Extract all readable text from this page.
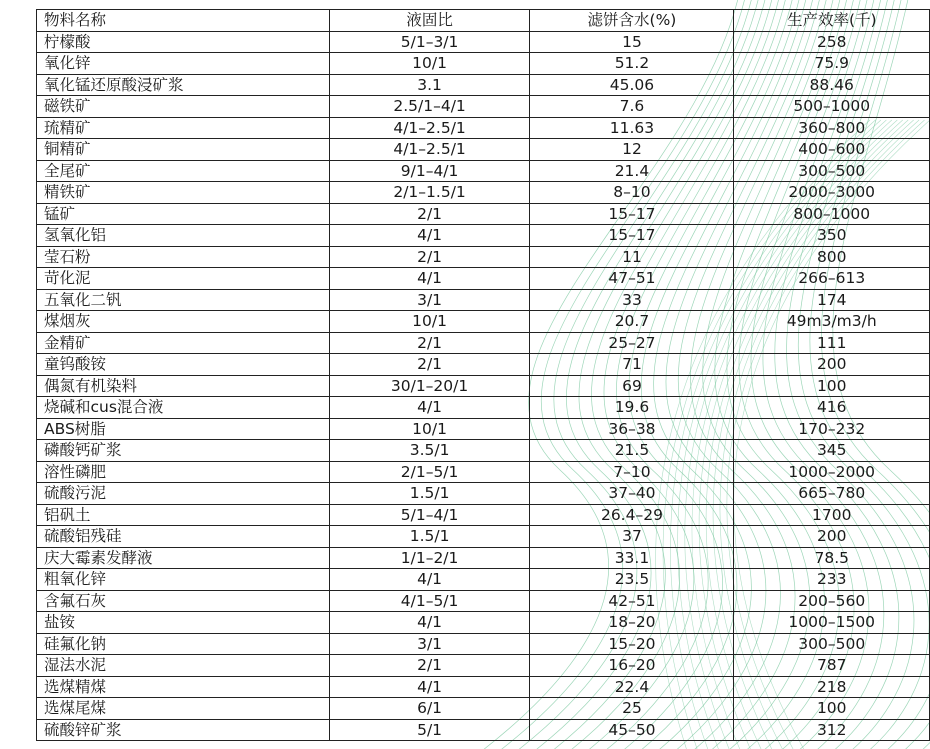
物料名称	液固比	滤饼含水(%)	生产效率(千)
柠檬酸	5/1–3/1	15	258
氧化锌	10/1	51.2	75.9
氧化锰还原酸浸矿浆	3.1	45.06	88.46
磁铁矿	2.5/1–4/1	7.6	500–1000
琉精矿	4/1–2.5/1	11.63	360–800
铜精矿	4/1–2.5/1	12	400–600
全尾矿	9/1–4/1	21.4	300–500
精铁矿	2/1–1.5/1	8–10	2000–3000
锰矿	2/1	15–17	800–1000
氢氧化铝	4/1	15–17	350
莹石粉	2/1	11	800
苛化泥	4/1	47–51	266–613
五氧化二钒	3/1	33	174
煤烟灰	10/1	20.7	49m3/m3/h
金精矿	2/1	25–27	111
童钨酸铵	2/1	71	200
偶氮有机染料	30/1–20/1	69	100
烧碱和cus混合液	4/1	19.6	416
ABS树脂	10/1	36–38	170–232
磷酸钙矿浆	3.5/1	21.5	345
溶性磷肥	2/1–5/1	7–10	1000–2000
硫酸污泥	1.5/1	37–40	665–780
铝矾土	5/1–4/1	26.4–29	1700
硫酸铝残硅	1.5/1	37	200
庆大霉素发酵液	1/1–2/1	33.1	78.5
粗氧化锌	4/1	23.5	233
含氟石灰	4/1–5/1	42–51	200–560
盐铵	4/1	18–20	1000–1500
硅氟化钠	3/1	15–20	300–500
湿法水泥	2/1	16–20	787
选煤精煤	4/1	22.4	218
选煤尾煤	6/1	25	100
硫酸锌矿浆	5/1	45–50	312
